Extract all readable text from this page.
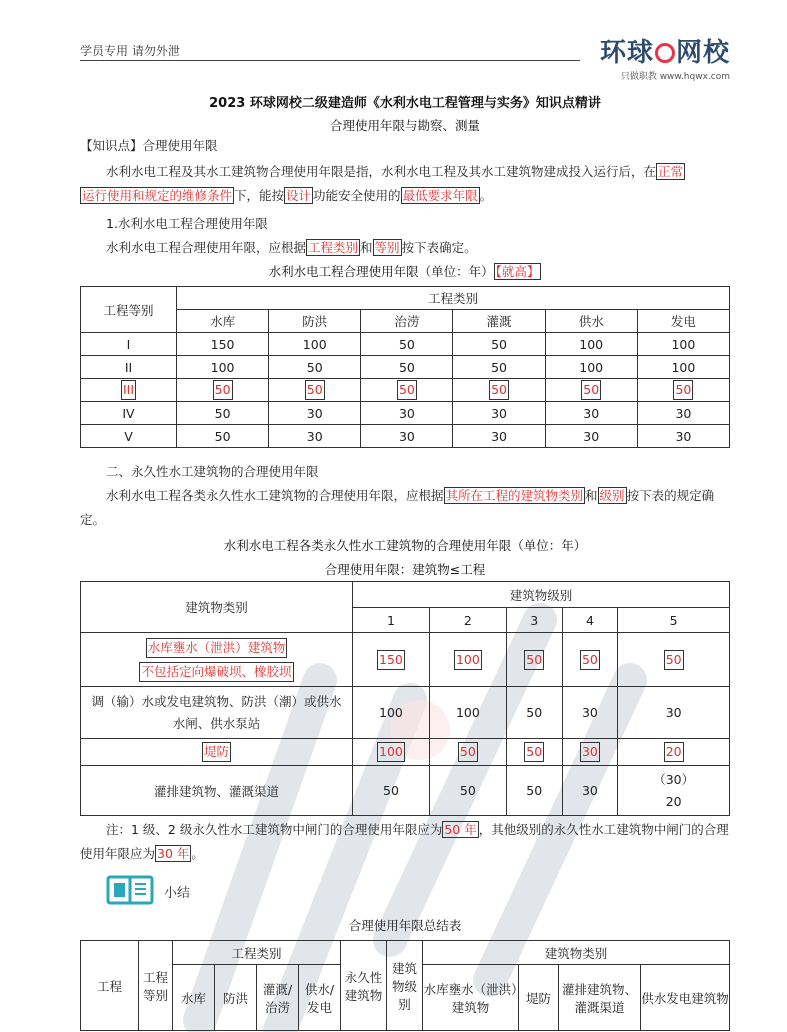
学员专用 请勿外泄	环球 网校
只做职教 www.hqwx.com
2023 环球网校二级建造师《水利水电工程管理与实务》知识点精讲
合理使用年限与勘察、测量
【知识点】合理使用年限
水利水电工程及其水工建筑物合理使用年限是指，水利水电工程及其水工建筑物建成投入运行后，在 正常
运行使用和规定的维修条件 下，能按 设计 功能安全使用的 最低要求年限 。
1.水利水电工程合理使用年限
水利水电工程合理使用年限，应根据 工程类别 和 等别 按下表确定。
水利水电工程合理使用年限（单位：年） 【就高】
工程等别	工程类别					
	水库	防洪	治涝	灌溉	供水	发电
I	150	100	50	50	100	100
II	100	50	50	50	100	100
III	50	50	50	50	50	50
IV	50	30	30	30	30	30
V	50	30	30	30	30	30
二、永久性水工建筑物的合理使用年限
水利水电工程各类永久性水工建筑物的合理使用年限，应根据 其所在工程的建筑物类别 和 级别 按下表的规定确定。
水利水电工程各类永久性水工建筑物的合理使用年限（单位：年）
合理使用年限：建筑物≤工程
建筑物类别	建筑物级别				
	1	2	3	4	5
水库壅水（泄洪）建筑物
不包括定向爆破坝、橡胶坝	150	100	50	50	50
调（输）水或发电建筑物、防洪（潮）或供水
水闸、供水泵站	100	100	50	30	30
堤防	100	50	50	30	20
灌排建筑物、灌溉渠道	50	50	50	30	（30）
20
注：1 级、2 级永久性水工建筑物中闸门的合理使用年限应为 50 年 ，其他级别的永久性水工建筑物中闸门的合理使用年限应为 30 年 。
小结
合理使用年限总结表
工程	工程等别	工程类别				永久性建筑物	建筑物级别	建筑物类别			
		水库	防洪	灌溉/治涝	供水/发电			水库壅水（泄洪）建筑物	堤防	灌排建筑物、灌溉渠道	供水发电建筑物
